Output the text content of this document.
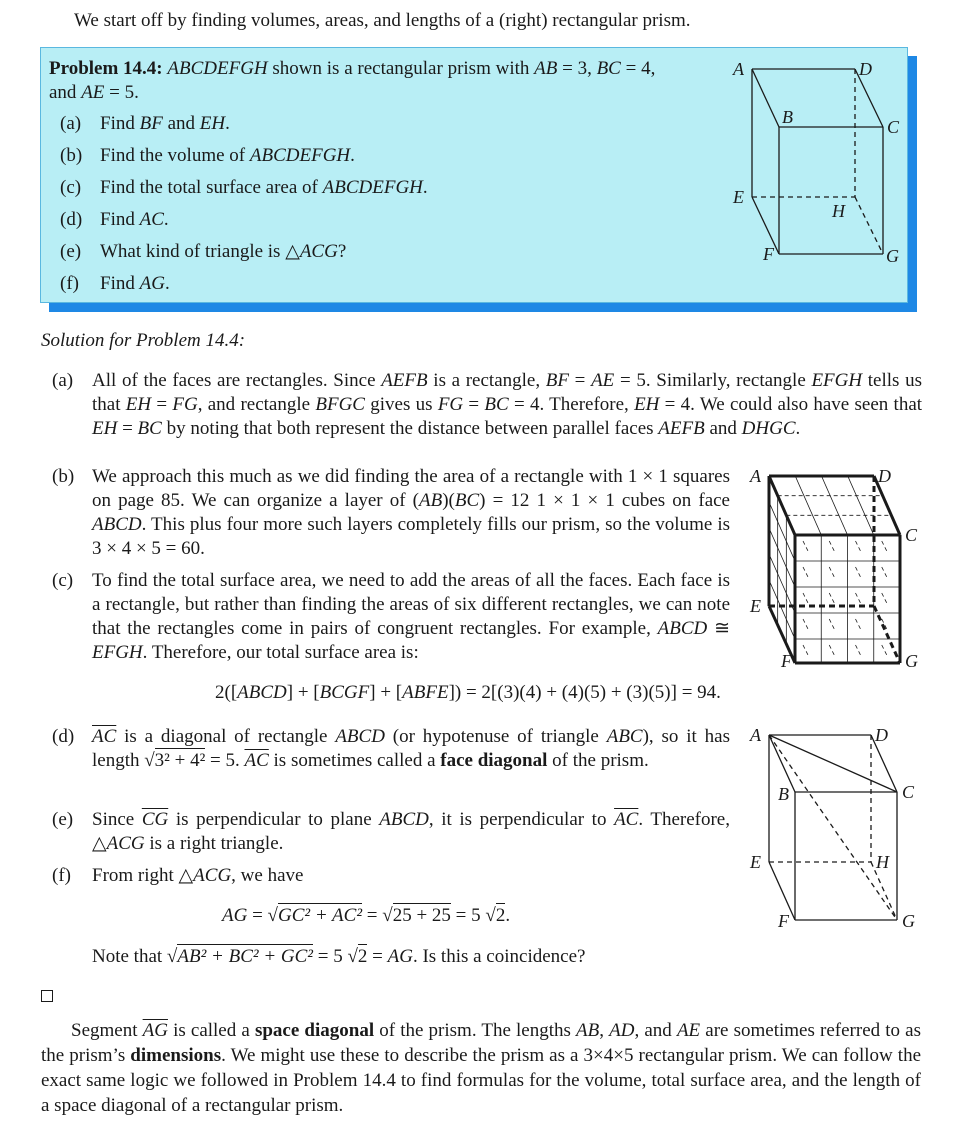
We start off by finding volumes, areas, and lengths of a (right) rectangular prism.
Problem 14.4: ABCDEFGH shown is a rectangular prism with AB = 3, BC = 4,
and AE = 5.
(a) Find BF and EH.
(b) Find the volume of ABCDEFGH.
(c) Find the total surface area of ABCDEFGH.
(d) Find AC.
(e) What kind of triangle is △ACG?
(f) Find AG.
A	D
B	C
E
H
F	G
Solution for Problem 14.4:
(a) All of the faces are rectangles. Since AEFB is a rectangle, BF = AE = 5. Similarly, rectangle EFGH tells us that EH = FG, and rectangle BFGC gives us FG = BC = 4. Therefore, EH = 4. We could also have seen that EH = BC by noting that both represent the distance between parallel faces AEFB and DHGC.
(b) We approach this much as we did finding the area of a rectangle with 1 × 1 squares on page 85. We can organize a layer of (AB)(BC) = 12 1 × 1 × 1 cubes on face ABCD. This plus four more such layers completely fills our prism, so the volume is 3 × 4 × 5 = 60.
(c) To find the total surface area, we need to add the areas of all the faces. Each face is a rectangle, but rather than finding the areas of six different rectangles, we can note that the rectangles come in pairs of congruent rectangles. For example, ABCD ≅ EFGH. Therefore, our total surface area is:
2([ABCD] + [BCGF] + [ABFE]) = 2[(3)(4) + (4)(5) + (3)(5)] = 94.
A	D
C
E
F	G
(d) $\overline{AC}$ is a diagonal of rectangle ABCD (or hypotenuse of triangle ABC), so it has length √3² + 4² = 5. $\overline{AC}$ is sometimes called a face diagonal of the prism.
(e) Since $\overline{CG}$ is perpendicular to plane ABCD, it is perpendicular to $\overline{AC}$. Therefore, △ACG is a right triangle.
(f)	From right △ACG, we have
AG = √GC² + AC² = √25 + 25 = 5 √2.
Note that √AB² + BC² + GC² = 5 √2 = AG. Is this a coincidence?
A	D
B	C
E	H
F	G
Segment $\overline{AG}$ is called a space diagonal of the prism. The lengths AB, AD, and AE are sometimes referred to as the prism’s dimensions. We might use these to describe the prism as a 3×4×5 rectangular prism. We can follow the exact same logic we followed in Problem 14.4 to find formulas for the volume, total surface area, and the length of a space diagonal of a rectangular prism.
